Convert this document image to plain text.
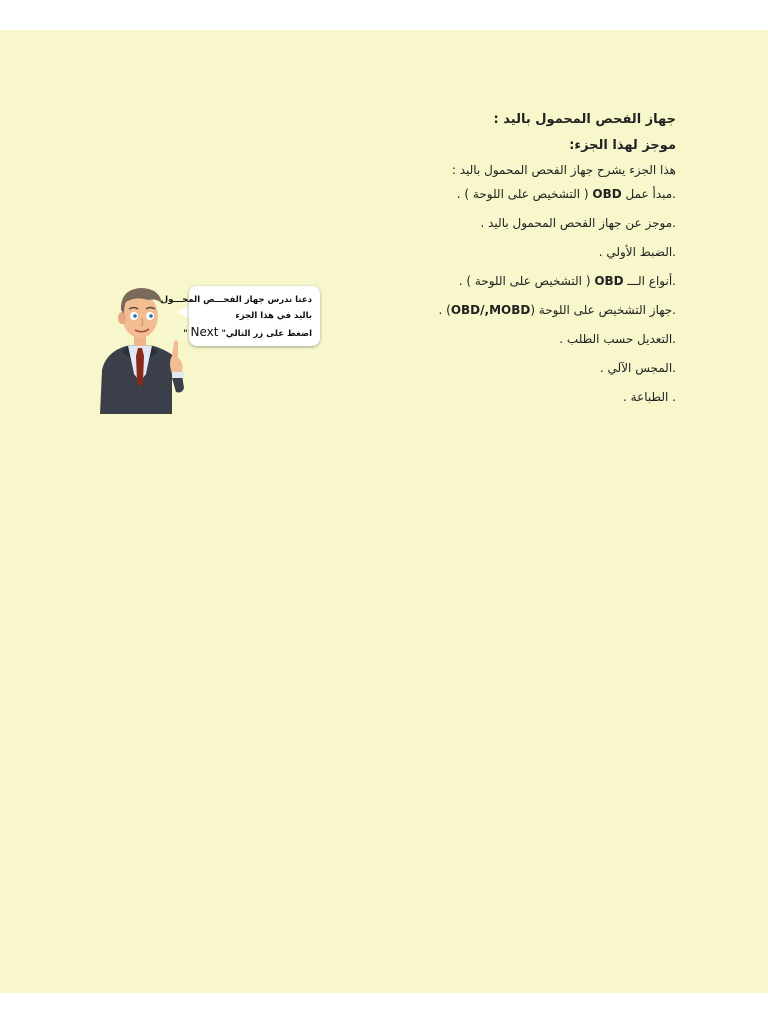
جهاز الفحص المحمول باليد :
موجز لهذا الجزء:
هذا الجزء يشرح جهاز الفحص المحمول باليد :
.مبدأ عمل OBD ( التشخيص على اللوحة ) .
.موجز عن جهاز الفحص المحمول باليد .
.الضبط الأولي .
.أنواع الـــ OBD ( التشخيص على اللوحة ) .
.جهاز التشخيص على اللوحة (OBD/,MOBD) .
.التعديل حسب الطلب .
.المجس الآلي .
. الطباعة .
دعنا ندرس جهاز الفحـــص المحـــول
باليد في هذا الجزء
اضغط على زر التالي" Next "
